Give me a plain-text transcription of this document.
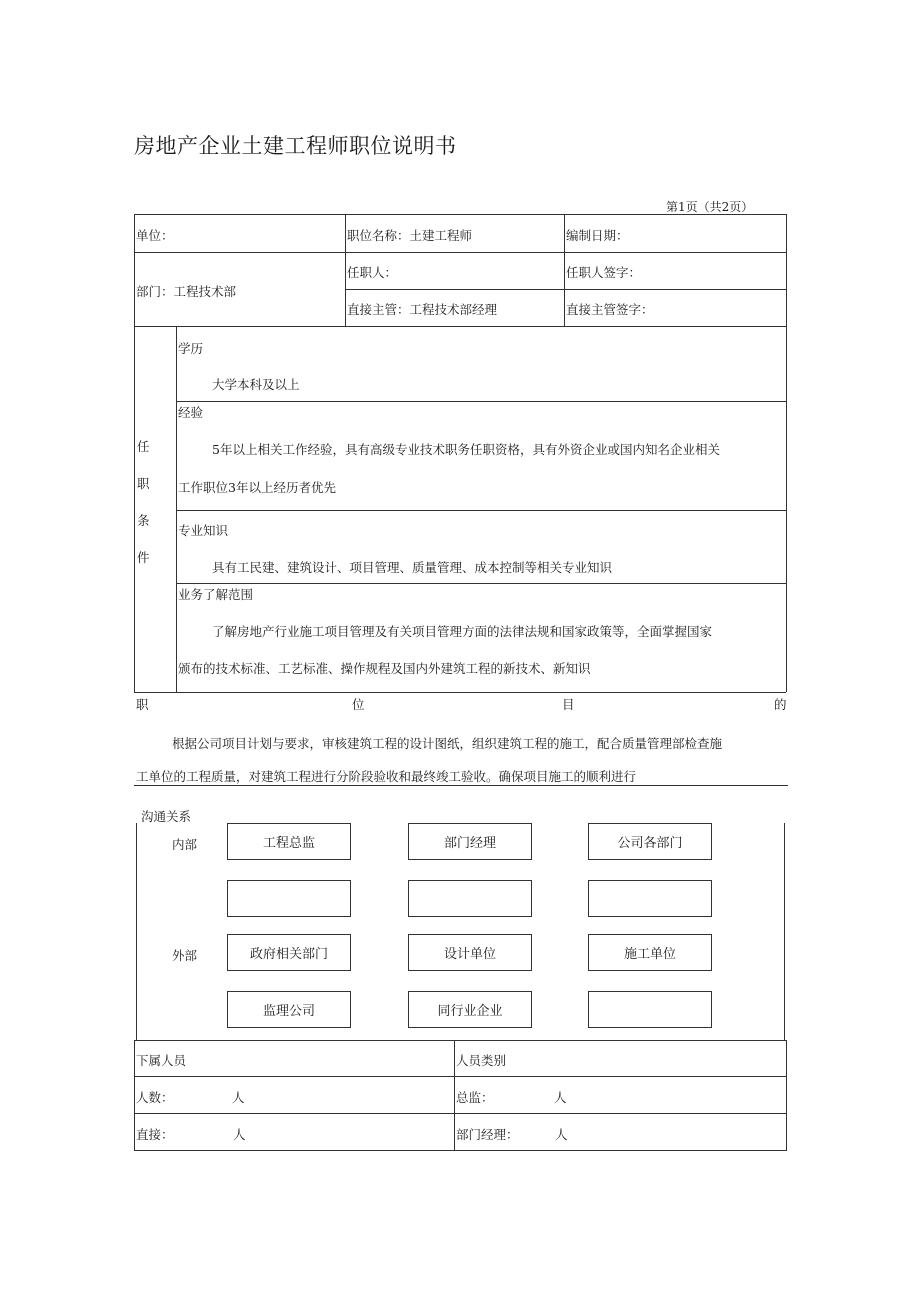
房地产企业土建工程师职位说明书
第1页（共2页）
单位：	职位名称：土建工程师	编制日期：
部门：工程技术部
任职人：	任职人签字：
直接主管：工程技术部经理	直接主管签字：
任
职
条
件
学历
大学本科及以上
经验
5年以上相关工作经验，具有高级专业技术职务任职资格，具有外资企业或国内知名企业相关
工作职位3年以上经历者优先
专业知识
具有工民建、建筑设计、项目管理、质量管理、成本控制等相关专业知识
业务了解范围
了解房地产行业施工项目管理及有关项目管理方面的法律法规和国家政策等，全面掌握国家
颁布的技术标准、工艺标准、操作规程及国内外建筑工程的新技术、新知识
职	位	目	的
根据公司项目计划与要求，审核建筑工程的设计图纸，组织建筑工程的施工，配合质量管理部检查施
工单位的工程质量，对建筑工程进行分阶段验收和最终竣工验收。确保项目施工的顺利进行
沟通关系
内部
外部
工程总监	部门经理	公司各部门
政府相关部门	设计单位	施工单位
监理公司	同行业企业
下属人员	人员类别
人数：	人	总监：	人
直接：	人	部门经理：	人
